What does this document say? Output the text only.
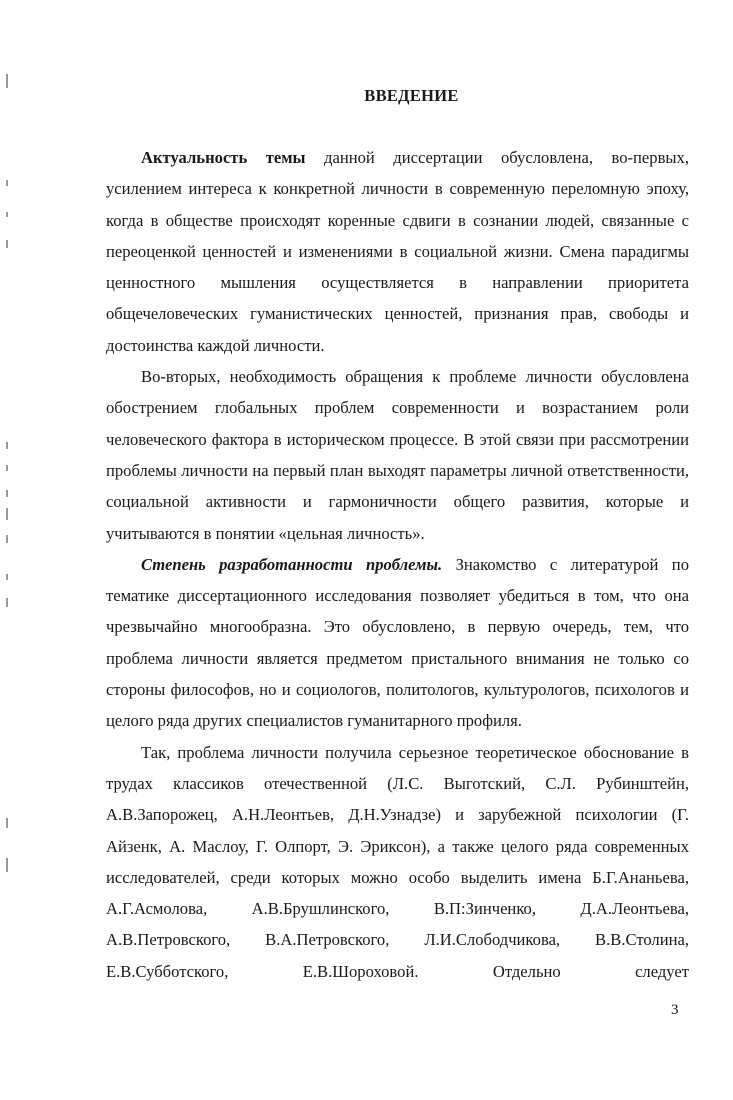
ВВЕДЕНИЕ

Актуальность темы данной диссертации обусловлена, во-первых, усилением интереса к конкретной личности в современную переломную эпоху, когда в обществе происходят коренные сдвиги в сознании людей, связанные с переоценкой ценностей и изменениями в социальной жизни. Смена парадигмы ценностного мышления осуществляется в направлении приоритета общечеловеческих гуманистических ценностей, признания прав, свободы и достоинства каждой личности.

Во-вторых, необходимость обращения к проблеме личности обусловлена обострением глобальных проблем современности и возрастанием роли человеческого фактора в историческом процессе. В этой связи при рассмотрении проблемы личности на первый план выходят параметры личной ответственности, социальной активности и гармоничности общего развития, которые и учитываются в понятии «цельная личность».

Степень разработанности проблемы. Знакомство с литературой по тематике диссертационного исследования позволяет убедиться в том, что она чрезвычайно многообразна. Это обусловлено, в первую очередь, тем, что проблема личности является предметом пристального внимания не только со стороны философов, но и социологов, политологов, культурологов, психологов и целого ряда других специалистов гуманитарного профиля.

Так, проблема личности получила серьезное теоретическое обоснование в трудах классиков отечественной (Л.С. Выготский, С.Л. Рубинштейн, А.В.Запорожец, А.Н.Леонтьев, Д.Н.Узнадзе) и зарубежной психологии (Г. Айзенк, А. Маслоу, Г. Олпорт, Э. Эриксон), а также целого ряда современных исследователей, среди которых можно особо выделить имена Б.Г.Ананьева, А.Г.Асмолова, А.В.Брушлинского, В.П:Зинченко, Д.А.Леонтьева, А.В.Петровского, В.А.Петровского, Л.И.Слободчикова, В.В.Столина, Е.В.Субботского, Е.В.Шороховой. Отдельно следует

3
